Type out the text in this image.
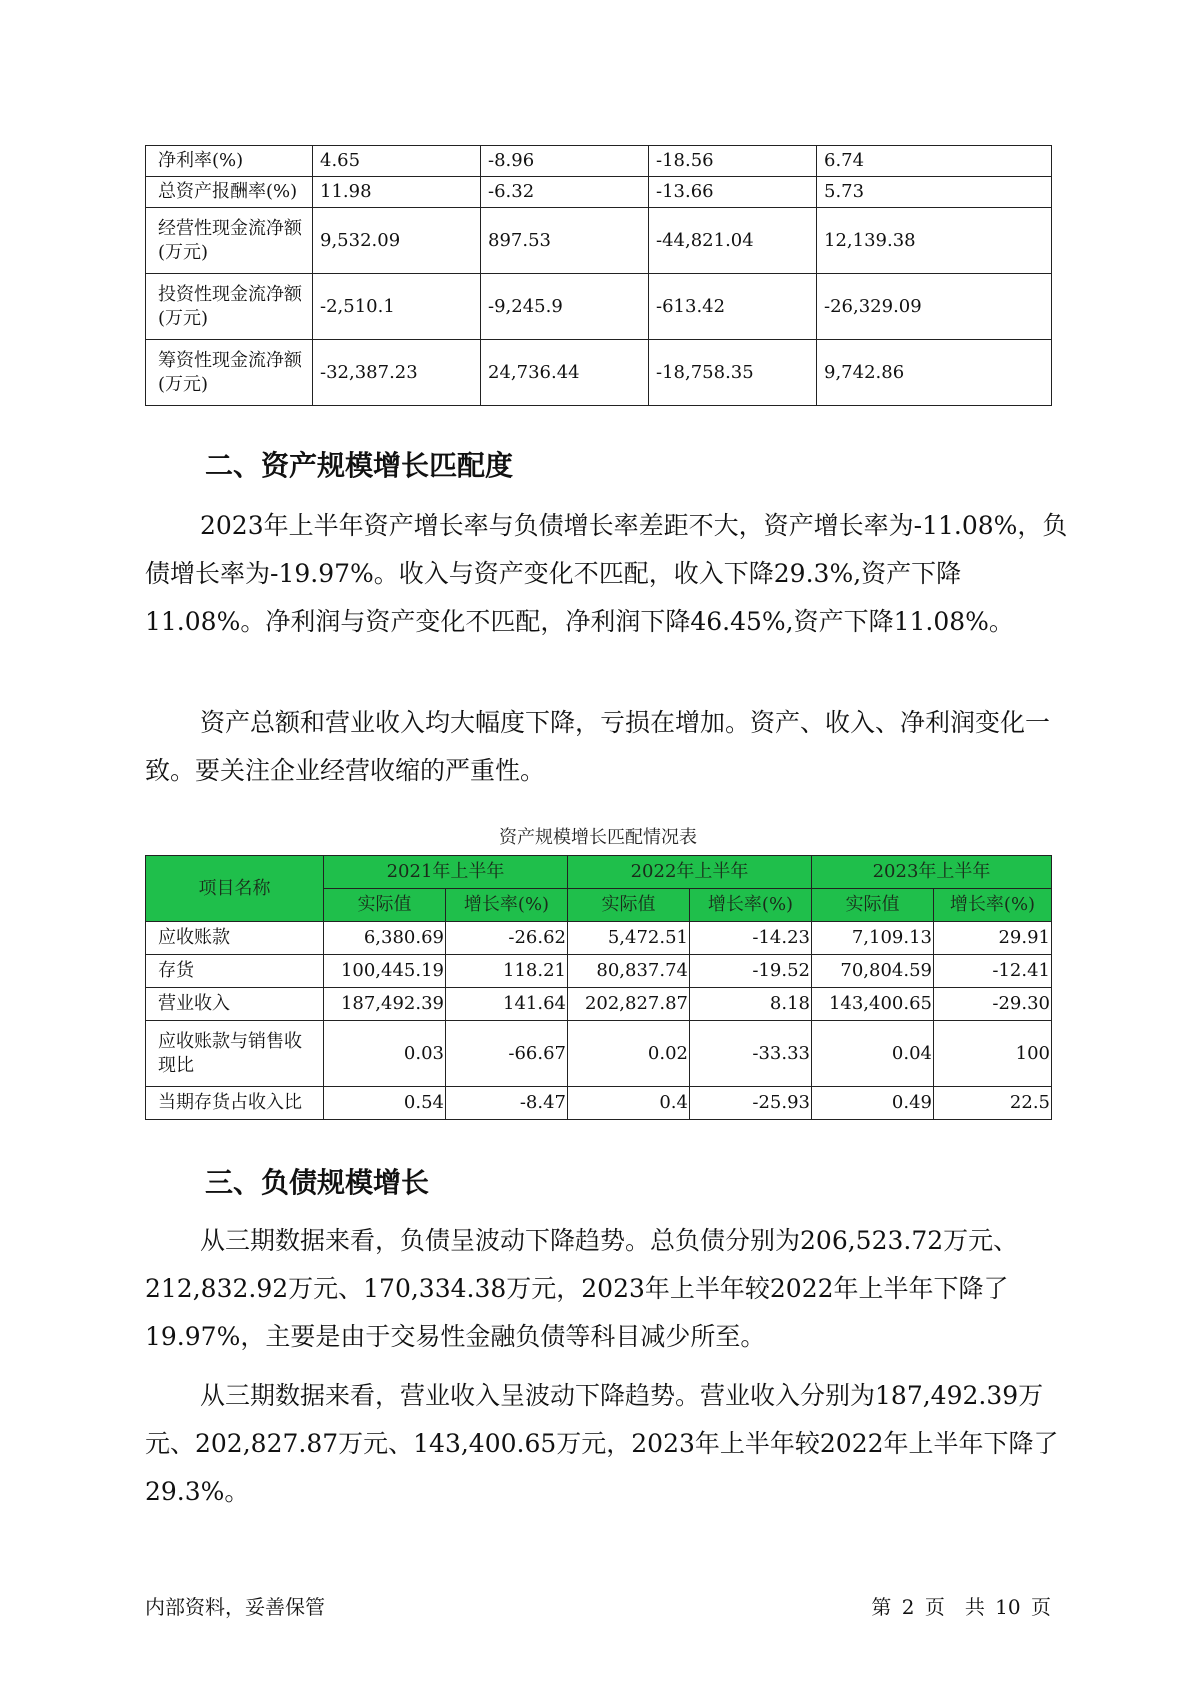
净利率(%)	4.65	-8.96	-18.56	6.74
总资产报酬率(%)	11.98	-6.32	-13.66	5.73
经营性现金流净额(万元)	9,532.09	897.53	-44,821.04	12,139.38
投资性现金流净额(万元)	-2,510.1	-9,245.9	-613.42	-26,329.09
筹资性现金流净额(万元)	-32,387.23	24,736.44	-18,758.35	9,742.86
二、资产规模增长匹配度

2023年上半年资产增长率与负债增长率差距不大，资产增长率为-11.08%，负债增长率为-19.97%。收入与资产变化不匹配，收入下降29.3%,资产下降11.08%。净利润与资产变化不匹配，净利润下降46.45%,资产下降11.08%。

资产总额和营业收入均大幅度下降，亏损在增加。资产、收入、净利润变化一致。要关注企业经营收缩的严重性。

资产规模增长匹配情况表
项目名称	2021年上半年		2022年上半年		2023年上半年	
	实际值	增长率(%)	实际值	增长率(%)	实际值	增长率(%)
应收账款	6,380.69	-26.62	5,472.51	-14.23	7,109.13	29.91
存货	100,445.19	118.21	80,837.74	-19.52	70,804.59	-12.41
营业收入	187,492.39	141.64	202,827.87	8.18	143,400.65	-29.30
应收账款与销售收现比	0.03	-66.67	0.02	-33.33	0.04	100
当期存货占收入比	0.54	-8.47	0.4	-25.93	0.49	22.5
三、负债规模增长

从三期数据来看，负债呈波动下降趋势。总负债分别为206,523.72万元、212,832.92万元、170,334.38万元，2023年上半年较2022年上半年下降了19.97%，主要是由于交易性金融负债等科目减少所至。

从三期数据来看，营业收入呈波动下降趋势。营业收入分别为187,492.39万元、202,827.87万元、143,400.65万元，2023年上半年较2022年上半年下降了29.3%。

内部资料，妥善保管	第 2 页　共 10 页
